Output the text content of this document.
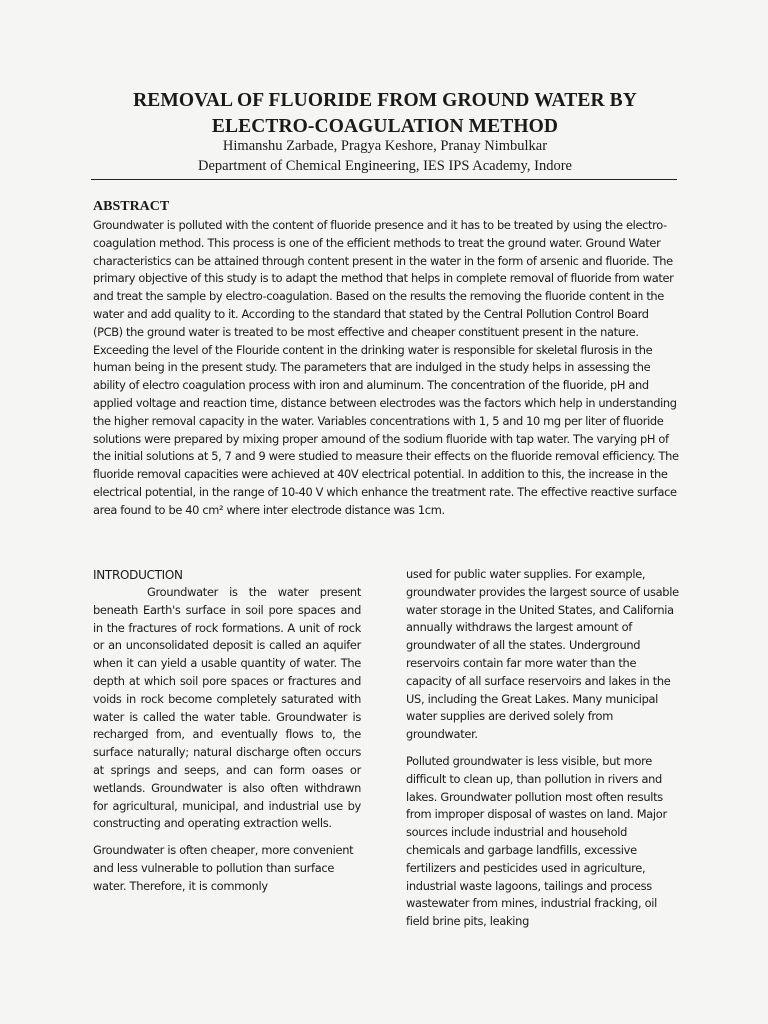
REMOVAL OF FLUORIDE FROM GROUND WATER BY
ELECTRO-COAGULATION METHOD
Himanshu Zarbade, Pragya Keshore, Pranay Nimbulkar
Department of Chemical Engineering, IES IPS Academy, Indore
ABSTRACT

Groundwater is polluted with the content of fluoride presence and it has to be treated by using the electro-coagulation method. This process is one of the efficient methods to treat the ground water. Ground Water characteristics can be attained through content present in the water in the form of arsenic and fluoride. The primary objective of this study is to adapt the method that helps in complete removal of fluoride from water and treat the sample by electro-coagulation. Based on the results the removing the fluoride content in the water and add quality to it. According to the standard that stated by the Central Pollution Control Board (PCB) the ground water is treated to be most effective and cheaper constituent present in the nature. Exceeding the level of the Flouride content in the drinking water is responsible for skeletal flurosis in the human being in the present study. The parameters that are indulged in the study helps in assessing the ability of electro coagulation process with iron and aluminum. The concentration of the fluoride, pH and applied voltage and reaction time, distance between electrodes was the factors which help in understanding the higher removal capacity in the water. Variables concentrations with 1, 5 and 10 mg per liter of fluoride solutions were prepared by mixing proper amound of the sodium fluoride with tap water. The varying pH of the initial solutions at 5, 7 and 9 were studied to measure their effects on the fluoride removal efficiency. The fluoride removal capacities were achieved at 40V electrical potential. In addition to this, the increase in the electrical potential, in the range of 10-40 V which enhance the treatment rate. The effective reactive surface area found to be 40 cm² where inter electrode distance was 1cm.

INTRODUCTION

Groundwater is the water present beneath Earth's surface in soil pore spaces and in the fractures of rock formations. A unit of rock or an unconsolidated deposit is called an aquifer when it can yield a usable quantity of water. The depth at which soil pore spaces or fractures and voids in rock become completely saturated with water is called the water table. Groundwater is recharged from, and eventually flows to, the surface naturally; natural discharge often occurs at springs and seeps, and can form oases or wetlands. Groundwater is also often withdrawn for agricultural, municipal, and industrial use by constructing and operating extraction wells.

Groundwater is often cheaper, more convenient and less vulnerable to pollution than surface water. Therefore, it is commonly

used for public water supplies. For example, groundwater provides the largest source of usable water storage in the United States, and California annually withdraws the largest amount of groundwater of all the states. Underground reservoirs contain far more water than the capacity of all surface reservoirs and lakes in the US, including the Great Lakes. Many municipal water supplies are derived solely from groundwater.

Polluted groundwater is less visible, but more difficult to clean up, than pollution in rivers and lakes. Groundwater pollution most often results from improper disposal of wastes on land. Major sources include industrial and household chemicals and garbage landfills, excessive fertilizers and pesticides used in agriculture, industrial waste lagoons, tailings and process wastewater from mines, industrial fracking, oil field brine pits, leaking
